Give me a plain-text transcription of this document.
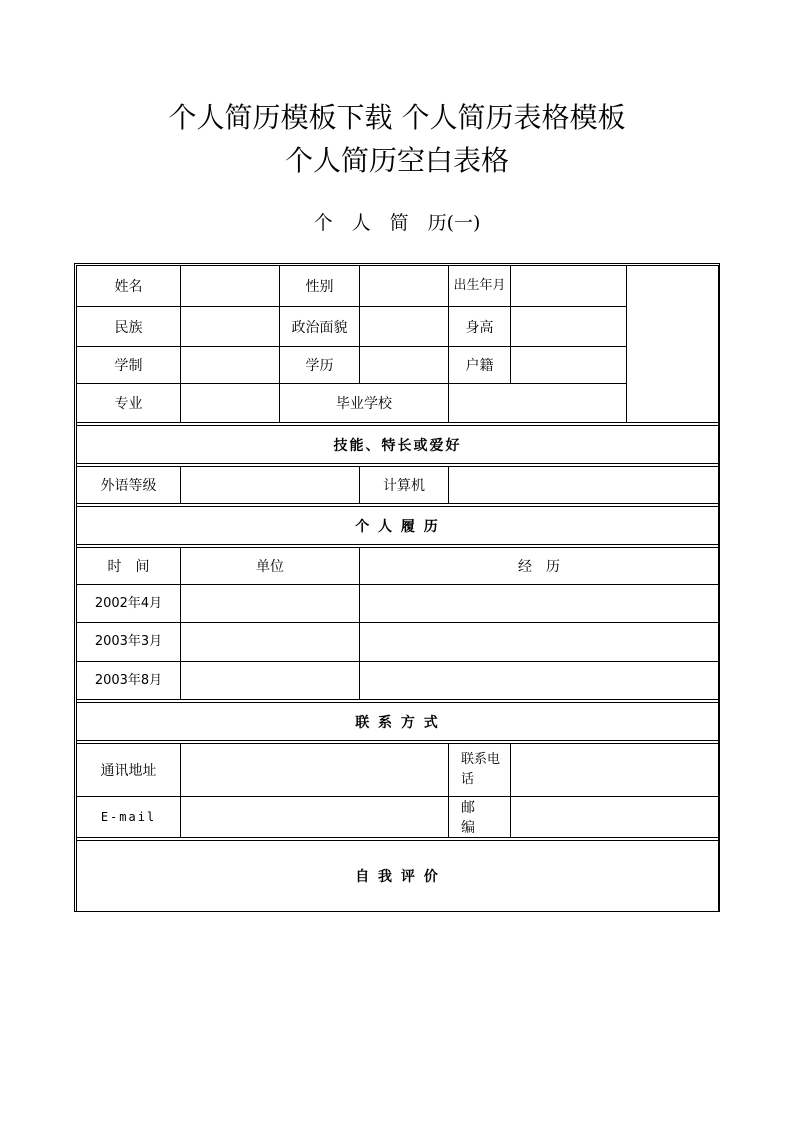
个人简历模板下载 个人简历表格模板
个人简历空白表格
个　人　简　历(一)
姓名		性别		出生年月		

民族		政治面貌		身高		
学制		学历		户籍		
专业		毕业学校				

技能、特长或爱好						

外语等级			计算机			

个 人 履 历						

时　间	单位		经　历			
2002年4月						
2003年3月						
2003年8月						

联 系 方 式						

通讯地址				联系电话		

E-mail				邮　　编		

自 我 评 价						
